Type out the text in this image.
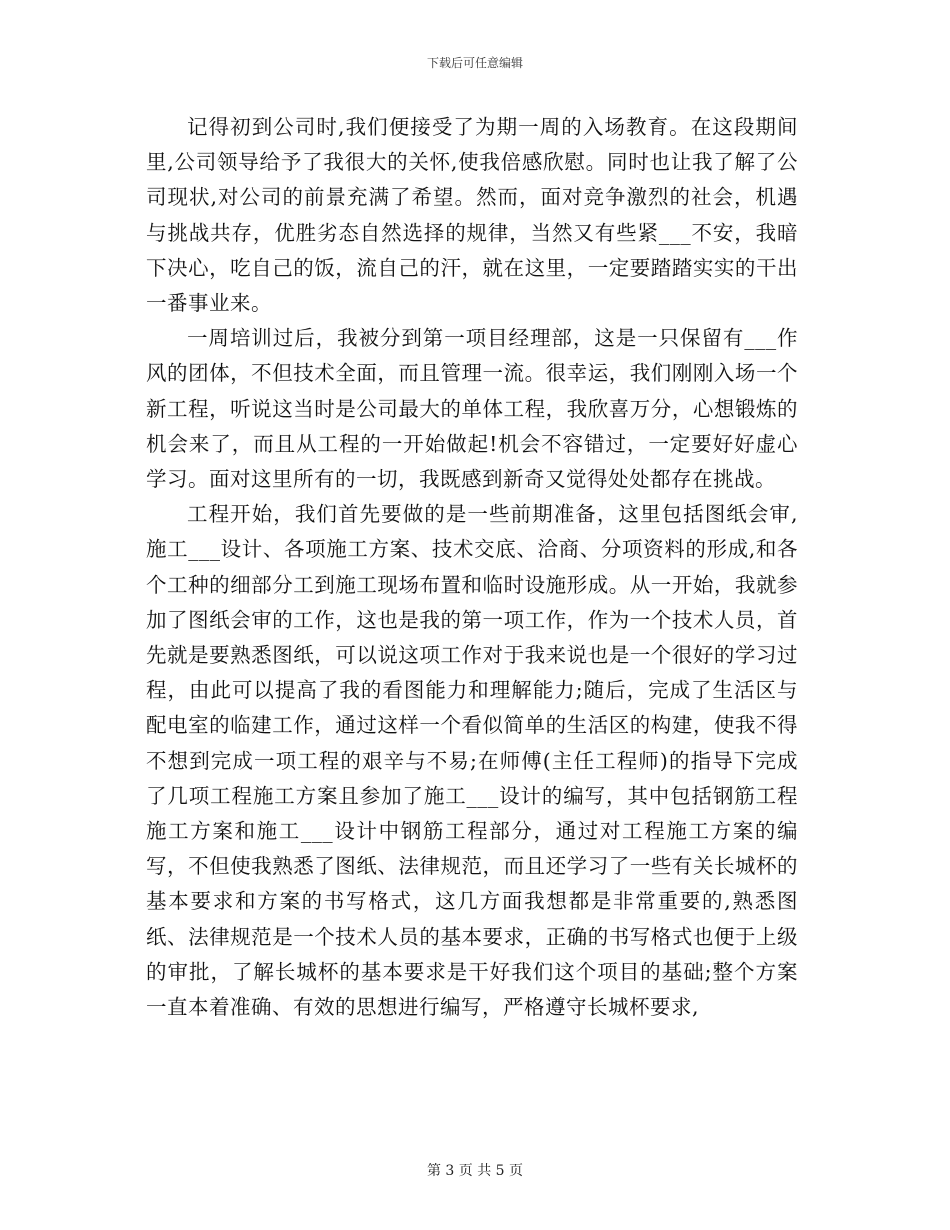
下载后可任意编辑

记得初到公司时,我们便接受了为期一周的入场教育。在这段期间里,公司领导给予了我很大的关怀,使我倍感欣慰。同时也让我了解了公司现状,对公司的前景充满了希望。然而，面对竞争激烈的社会，机遇与挑战共存，优胜劣态自然选择的规律，当然又有些紧___不安，我暗下决心，吃自己的饭，流自己的汗，就在这里，一定要踏踏实实的干出一番事业来。

一周培训过后，我被分到第一项目经理部，这是一只保留有___作风的团体，不但技术全面，而且管理一流。很幸运，我们刚刚入场一个新工程，听说这当时是公司最大的单体工程，我欣喜万分，心想锻炼的机会来了，而且从工程的一开始做起!机会不容错过，一定要好好虚心学习。面对这里所有的一切，我既感到新奇又觉得处处都存在挑战。

工程开始，我们首先要做的是一些前期准备，这里包括图纸会审,施工___设计、各项施工方案、技术交底、洽商、分项资料的形成,和各个工种的细部分工到施工现场布置和临时设施形成。从一开始，我就参加了图纸会审的工作，这也是我的第一项工作，作为一个技术人员，首先就是要熟悉图纸，可以说这项工作对于我来说也是一个很好的学习过程，由此可以提高了我的看图能力和理解能力;随后，完成了生活区与配电室的临建工作，通过这样一个看似简单的生活区的构建，使我不得不想到完成一项工程的艰辛与不易;在师傅(主任工程师)的指导下完成了几项工程施工方案且参加了施工___设计的编写，其中包括钢筋工程施工方案和施工___设计中钢筋工程部分，通过对工程施工方案的编写，不但使我熟悉了图纸、法律规范，而且还学习了一些有关长城杯的基本要求和方案的书写格式，这几方面我想都是非常重要的,熟悉图纸、法律规范是一个技术人员的基本要求，正确的书写格式也便于上级的审批，了解长城杯的基本要求是干好我们这个项目的基础;整个方案一直本着准确、有效的思想进行编写，严格遵守长城杯要求,

第 3 页 共 5 页
